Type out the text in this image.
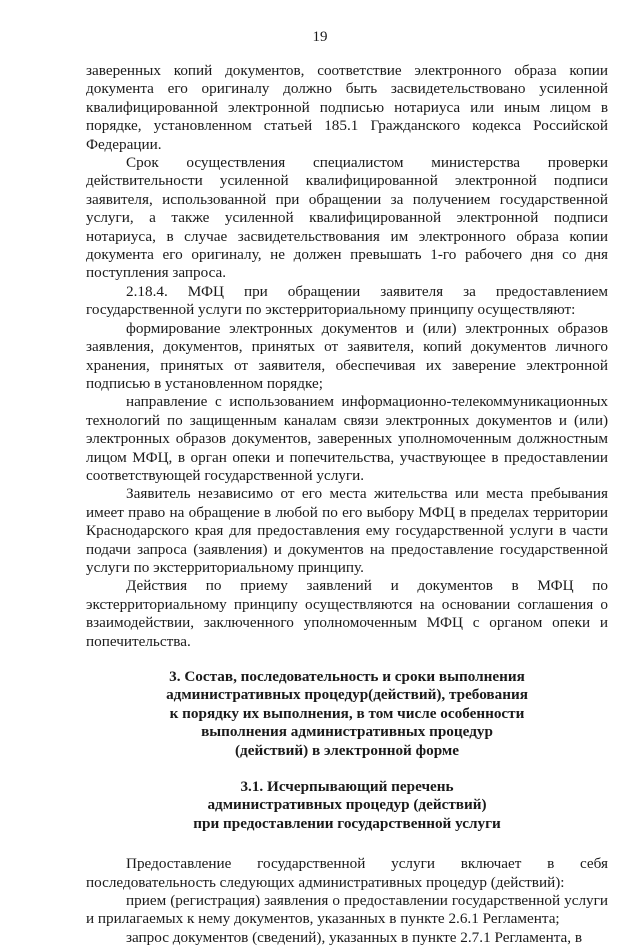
19

заверенных копий документов, соответствие электронного образа копии документа его оригиналу должно быть засвидетельствовано усиленной квалифицированной электронной подписью нотариуса или иным лицом в порядке, установленном статьей 185.1 Гражданского кодекса Российской Федерации.

Срок осуществления специалистом министерства проверки действительности усиленной квалифицированной электронной подписи заявителя, использованной при обращении за получением государственной услуги, а также усиленной квалифицированной электронной подписи нотариуса, в случае засвидетельствования им электронного образа копии документа его оригиналу, не должен превышать 1-го рабочего дня со дня поступления запроса.

2.18.4. МФЦ при обращении заявителя за предоставлением государственной услуги по экстерриториальному принципу осуществляют:

формирование электронных документов и (или) электронных образов заявления, документов, принятых от заявителя, копий документов личного хранения, принятых от заявителя, обеспечивая их заверение электронной подписью в установленном порядке;

направление с использованием информационно-телекоммуникационных технологий по защищенным каналам связи электронных документов и (или) электронных образов документов, заверенных уполномоченным должностным лицом МФЦ, в орган опеки и попечительства, участвующее в предоставлении соответствующей государственной услуги.

Заявитель независимо от его места жительства или места пребывания имеет право на обращение в любой по его выбору МФЦ в пределах территории Краснодарского края для предоставления ему государственной услуги в части подачи запроса (заявления) и документов на предоставление государственной услуги по экстерриториальному принципу.

Действия по приему заявлений и документов в МФЦ по экстерриториальному принципу осуществляются на основании соглашения о взаимодействии, заключенного уполномоченным МФЦ с органом опеки и попечительства.

3. Состав, последовательность и сроки выполнения
административных процедур(действий), требования
к порядку их выполнения, в том числе особенности
выполнения административных процедур
(действий) в электронной форме
3.1. Исчерпывающий перечень
административных процедур (действий)
при предоставлении государственной услуги

Предоставление государственной услуги включает в себя последовательность следующих административных процедур (действий):

прием (регистрация) заявления о предоставлении государственной услуги и прилагаемых к нему документов, указанных в пункте 2.6.1 Регламента;

запрос документов (сведений), указанных в пункте 2.7.1 Регламента, в
